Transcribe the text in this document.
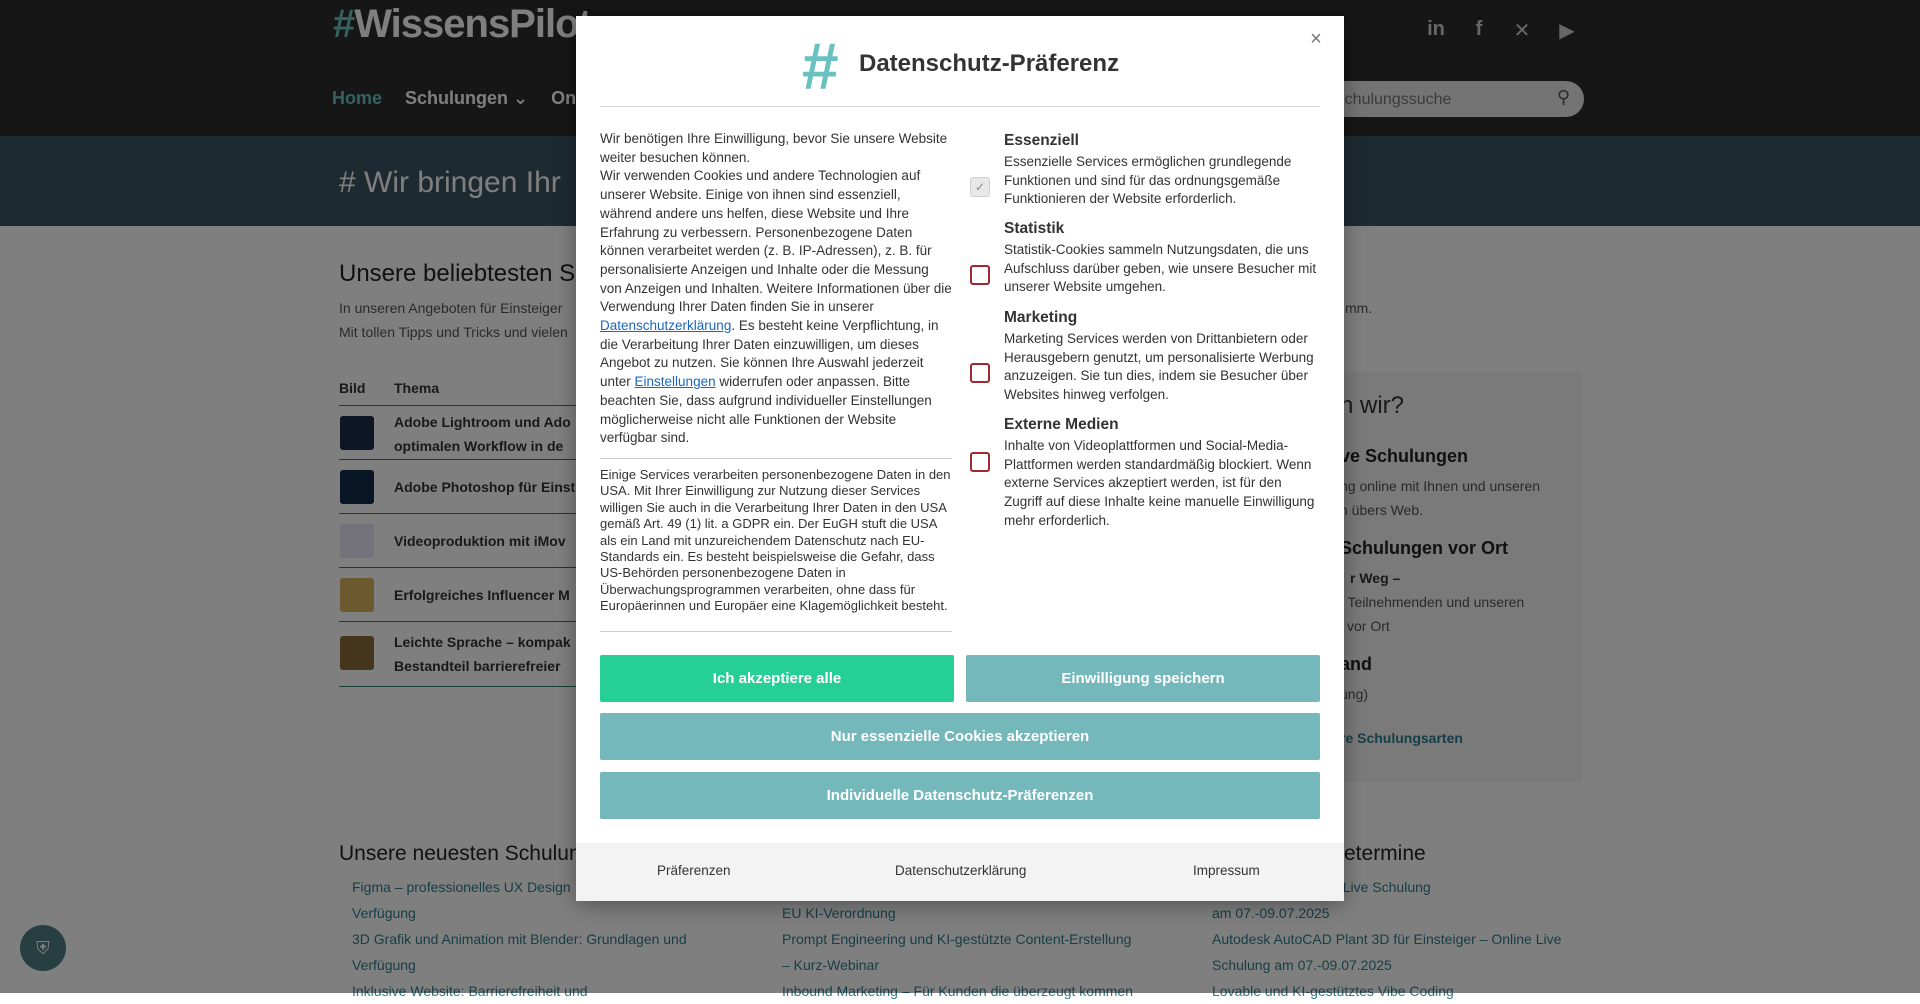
Schulungssuche
×
# Datenschutz-Präferenz

Wir benötigen Ihre Einwilligung, bevor Sie unsere Website weiter besuchen können.

Wir verwenden Cookies und andere Technologien auf unserer Website. Einige von ihnen sind essenziell, während andere uns helfen, diese Website und Ihre Erfahrung zu verbessern. Personenbezogene Daten können verarbeitet werden (z. B. IP-Adressen), z. B. für personalisierte Anzeigen und Inhalte oder die Messung von Anzeigen und Inhalten. Weitere Informationen über die Verwendung Ihrer Daten finden Sie in unserer Datenschutzerklärung. Es besteht keine Verpflichtung, in die Verarbeitung Ihrer Daten einzuwilligen, um dieses Angebot zu nutzen. Sie können Ihre Auswahl jederzeit unter Einstellungen widerrufen oder anpassen. Bitte beachten Sie, dass aufgrund individueller Einstellungen möglicherweise nicht alle Funktionen der Website verfügbar sind.

Einige Services verarbeiten personenbezogene Daten in den USA. Mit Ihrer Einwilligung zur Nutzung dieser Services willigen Sie auch in die Verarbeitung Ihrer Daten in den USA gemäß Art. 49 (1) lit. a GDPR ein. Der EuGH stuft die USA als ein Land mit unzureichendem Datenschutz nach EU-Standards ein. Es besteht beispielsweise die Gefahr, dass US-Behörden personenbezogene Daten in Überwachungsprogrammen verarbeiten, ohne dass für Europäerinnen und Europäer eine Klagemöglichkeit besteht.
✓
Essenziell
Essenzielle Services ermöglichen grundlegende Funktionen und sind für das ordnungsgemäße Funktionieren der Website erforderlich.
Statistik
Statistik-Cookies sammeln Nutzungsdaten, die uns Aufschluss darüber geben, wie unsere Besucher mit unserer Website umgehen.
Marketing
Marketing Services werden von Drittanbietern oder Herausgebern genutzt, um personalisierte Werbung anzuzeigen. Sie tun dies, indem sie Besucher über Websites hinweg verfolgen.
Externe Medien
Inhalte von Videoplattformen und Social-Media-Plattformen werden standardmäßig blockiert. Wenn externe Services akzeptiert werden, ist für den Zugriff auf diese Inhalte keine manuelle Einwilligung mehr erforderlich.
Ich akzeptiere alle	Einwilligung speichern
Nur essenzielle Cookies akzeptieren
Individuelle Datenschutz-Präferenzen
Präferenzen	Datenschutzerklärung	Impressum
